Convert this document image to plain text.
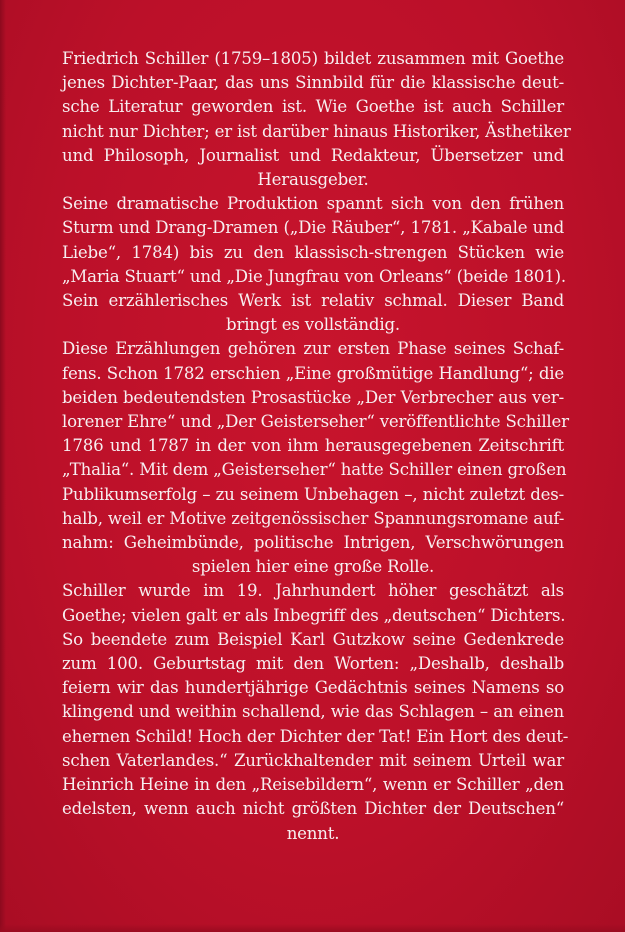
Friedrich Schiller (1759–1805) bildet zusammen mit Goethe
jenes Dichter-Paar, das uns Sinnbild für die klassische deut-
sche Literatur geworden ist. Wie Goethe ist auch Schiller
nicht nur Dichter; er ist darüber hinaus Historiker, Ästhetiker
und Philosoph, Journalist und Redakteur, Übersetzer und
Herausgeber.
Seine dramatische Produktion spannt sich von den frühen
Sturm und Drang-Dramen („Die Räuber“, 1781. „Kabale und
Liebe“, 1784) bis zu den klassisch-strengen Stücken wie
„Maria Stuart“ und „Die Jungfrau von Orleans“ (beide 1801).
Sein erzählerisches Werk ist relativ schmal. Dieser Band
bringt es vollständig.
Diese Erzählungen gehören zur ersten Phase seines Schaf-
fens. Schon 1782 erschien „Eine großmütige Handlung“; die
beiden bedeutendsten Prosastücke „Der Verbrecher aus ver-
lorener Ehre“ und „Der Geisterseher“ veröffentlichte Schiller
1786 und 1787 in der von ihm herausgegebenen Zeitschrift
„Thalia“. Mit dem „Geisterseher“ hatte Schiller einen großen
Publikumserfolg – zu seinem Unbehagen –, nicht zuletzt des-
halb, weil er Motive zeitgenössischer Spannungsromane auf-
nahm: Geheimbünde, politische Intrigen, Verschwörungen
spielen hier eine große Rolle.
Schiller wurde im 19. Jahrhundert höher geschätzt als
Goethe; vielen galt er als Inbegriff des „deutschen“ Dichters.
So beendete zum Beispiel Karl Gutzkow seine Gedenkrede
zum 100. Geburtstag mit den Worten: „Deshalb, deshalb
feiern wir das hundertjährige Gedächtnis seines Namens so
klingend und weithin schallend, wie das Schlagen – an einen
ehernen Schild! Hoch der Dichter der Tat! Ein Hort des deut-
schen Vaterlandes.“ Zurückhaltender mit seinem Urteil war
Heinrich Heine in den „Reisebildern“, wenn er Schiller „den
edelsten, wenn auch nicht größten Dichter der Deutschen“
nennt.
